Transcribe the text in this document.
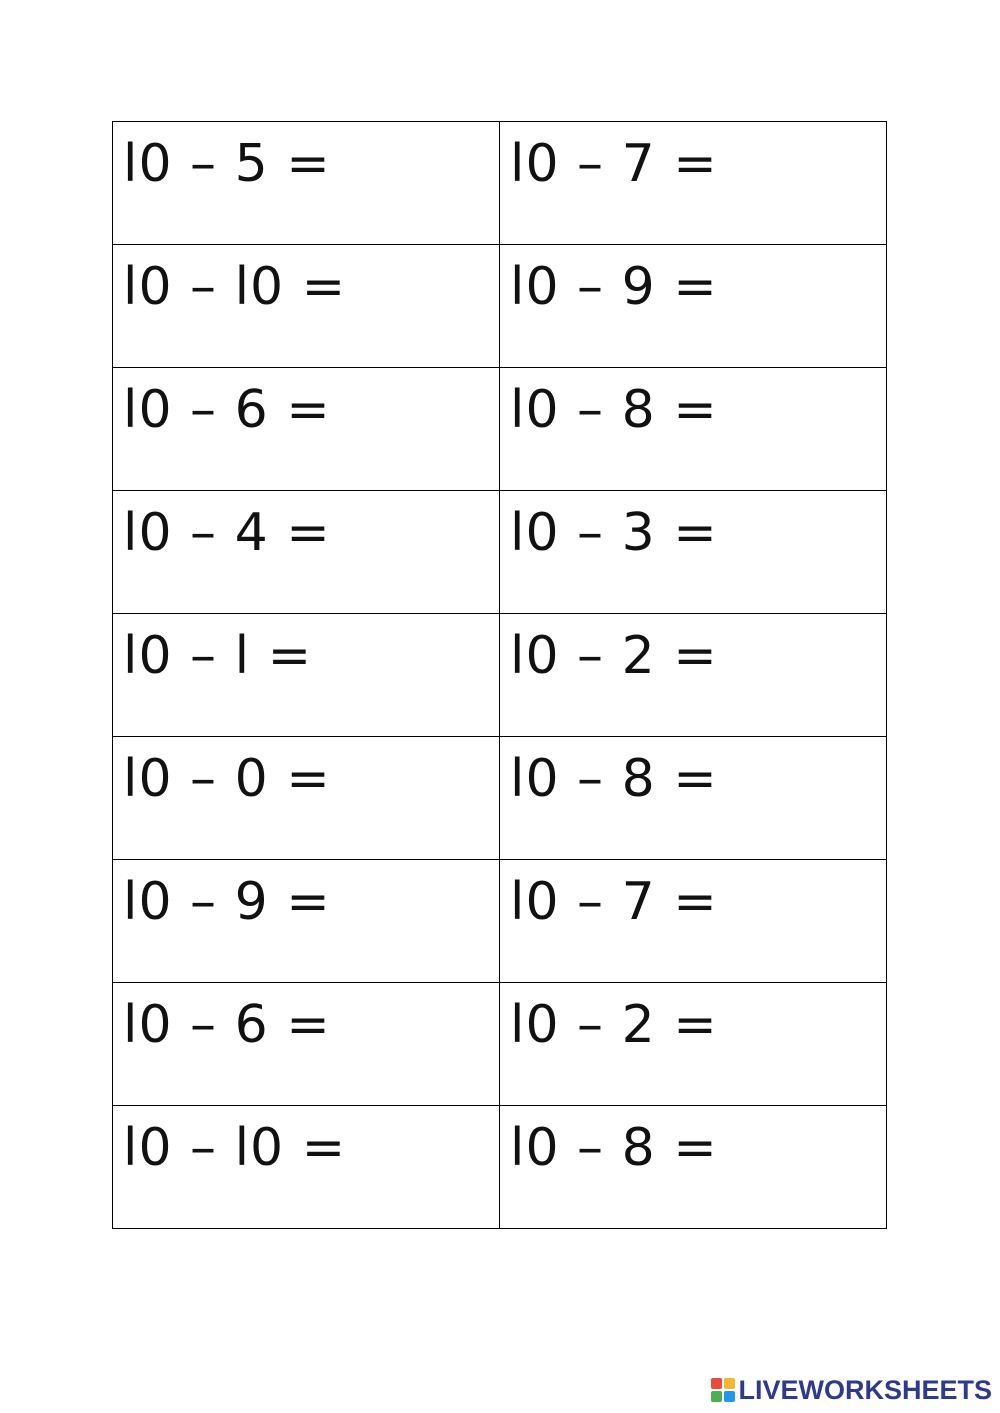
l0 – 5 =	l0 – 7 =

l0 – l0 =	l0 – 9 =

l0 – 6 =	l0 – 8 =

l0 – 4 =	l0 – 3 =

l0 – l =	l0 – 2 =

l0 – 0 =	l0 – 8 =

l0 – 9 =	l0 – 7 =

l0 – 6 =	l0 – 2 =

l0 – l0 =	l0 – 8 =
LIVEWORKSHEETS
